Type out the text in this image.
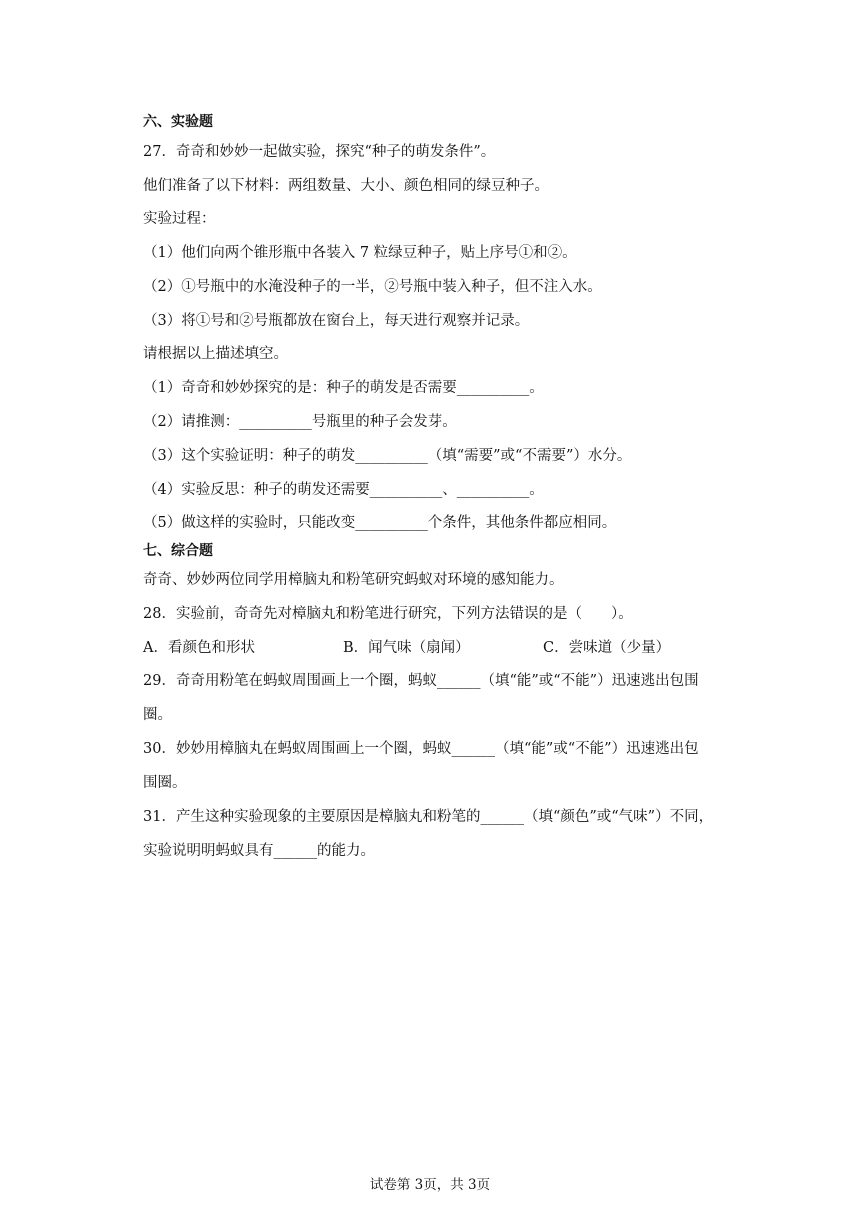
六、实验题
27．奇奇和妙妙一起做实验，探究“种子的萌发条件”。
他们准备了以下材料：两组数量、大小、颜色相同的绿豆种子。
实验过程：
（1）他们向两个锥形瓶中各装入 7 粒绿豆种子，贴上序号①和②。
（2）①号瓶中的水淹没种子的一半，②号瓶中装入种子，但不注入水。
（3）将①号和②号瓶都放在窗台上，每天进行观察并记录。
请根据以上描述填空。
（1）奇奇和妙妙探究的是：种子的萌发是否需要__________。
（2）请推测：__________号瓶里的种子会发芽。
（3）这个实验证明：种子的萌发__________（填“需要”或“不需要”）水分。
（4）实验反思：种子的萌发还需要__________、__________。
（5）做这样的实验时，只能改变__________个条件，其他条件都应相同。
七、综合题
奇奇、妙妙两位同学用樟脑丸和粉笔研究蚂蚁对环境的感知能力。
28．实验前，奇奇先对樟脑丸和粉笔进行研究，下列方法错误的是（　　）。
A．看颜色和形状	B．闻气味（扇闻）	C．尝味道（少量）
29．奇奇用粉笔在蚂蚁周围画上一个圈，蚂蚁______（填“能”或“不能”）迅速逃出包围
圈。
30．妙妙用樟脑丸在蚂蚁周围画上一个圈，蚂蚁______（填“能”或“不能”）迅速逃出包
围圈。
31．产生这种实验现象的主要原因是樟脑丸和粉笔的______（填“颜色”或“气味”）不同，
实验说明明蚂蚁具有______的能力。
试卷第 3页，共 3页
